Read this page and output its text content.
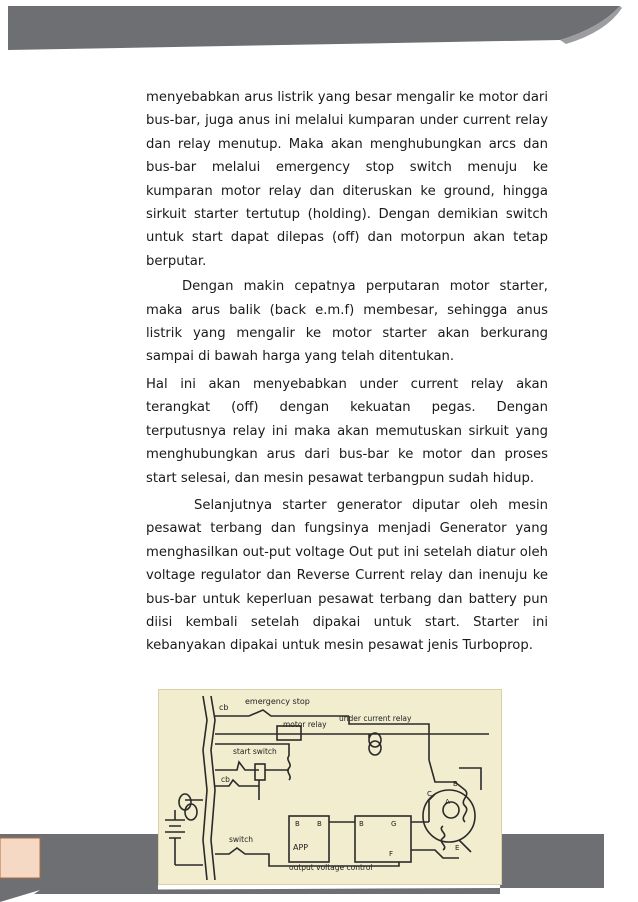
menyebabkan arus listrik yang besar mengalir ke motor dari bus-bar, juga anus ini melalui kumparan under current relay dan relay menutup. Maka akan menghubungkan arcs dan bus-bar melalui emergency stop switch menuju ke kumparan motor relay dan diteruskan ke ground, hingga sirkuit starter tertutup (holding). Dengan demikian switch untuk start dapat dilepas (off) dan motorpun akan tetap berputar.

Dengan makin cepatnya perputaran motor starter, maka arus balik (back e.m.f) membesar, sehingga anus listrik yang mengalir ke motor starter akan berkurang sampai di bawah harga yang telah ditentukan.

Hal ini akan menyebabkan under current relay akan terangkat (off) dengan kekuatan pegas. Dengan terputusnya relay ini maka akan memutuskan sirkuit yang menghubungkan arus dari bus-bar ke motor dan proses start selesai, dan mesin pesawat terbangpun sudah hidup.

Selanjutnya starter generator diputar oleh mesin pesawat terbang dan fungsinya menjadi Generator yang menghasilkan out-put voltage Out put ini setelah diatur oleh voltage regulator dan Reverse Current relay dan inenuju ke bus-bar untuk keperluan pesawat terbang dan battery pun diisi kembali setelah dipakai untuk start. Starter ini kebanyakan dipakai untuk mesin pesawat jenis Turboprop.

cb
emergency stop
motor relay
under current relay
start switch
cb
switch
APP
output voltage control
B B	B	G
F
B
C
A
E
